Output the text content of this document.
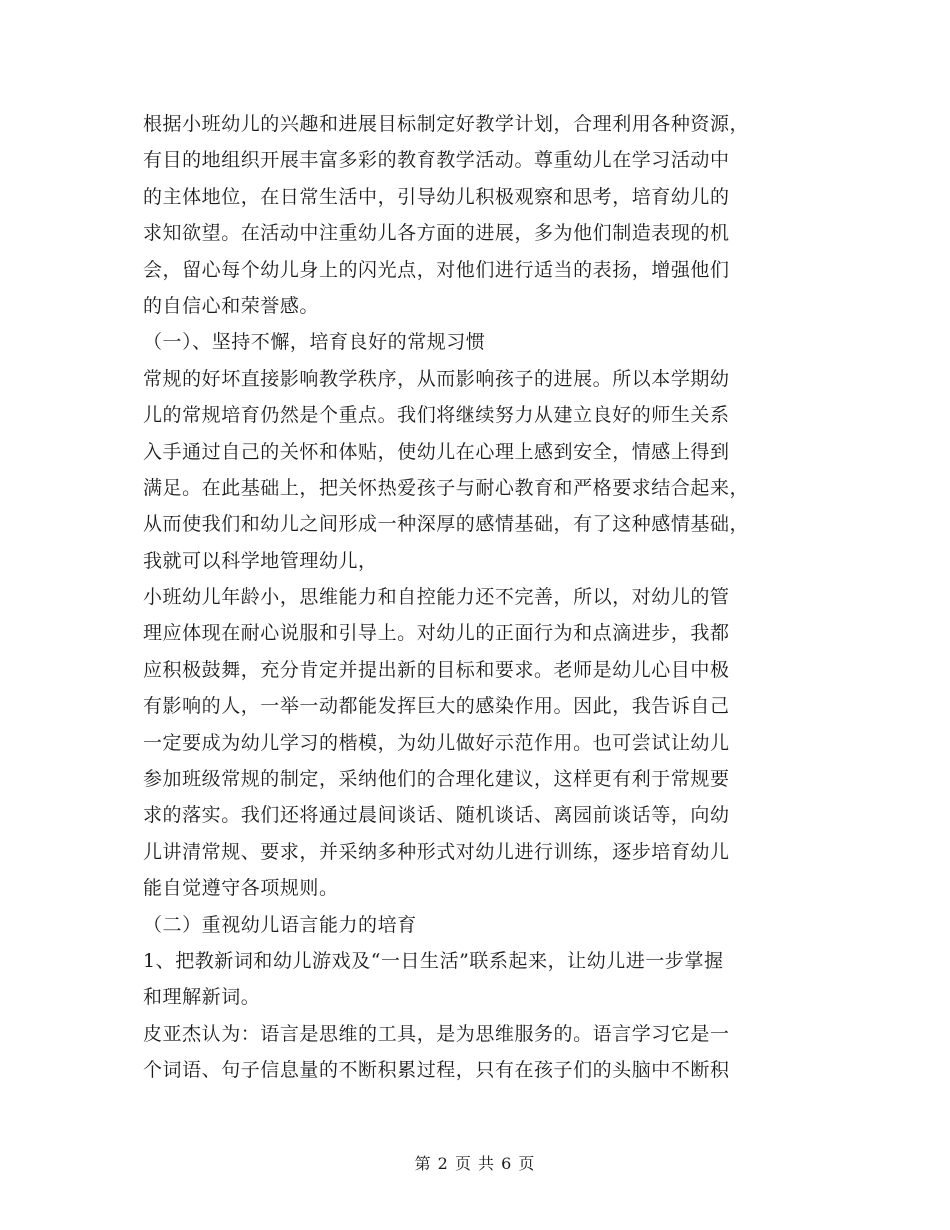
根据小班幼儿的兴趣和进展目标制定好教学计划，合理利用各种资源，
有目的地组织开展丰富多彩的教育教学活动。尊重幼儿在学习活动中
的主体地位，在日常生活中，引导幼儿积极观察和思考，培育幼儿的
求知欲望。在活动中注重幼儿各方面的进展，多为他们制造表现的机
会，留心每个幼儿身上的闪光点，对他们进行适当的表扬，增强他们
的自信心和荣誉感。
（一）、坚持不懈，培育良好的常规习惯
常规的好坏直接影响教学秩序，从而影响孩子的进展。所以本学期幼
儿的常规培育仍然是个重点。我们将继续努力从建立良好的师生关系
入手通过自己的关怀和体贴，使幼儿在心理上感到安全，情感上得到
满足。在此基础上，把关怀热爱孩子与耐心教育和严格要求结合起来，
从而使我们和幼儿之间形成一种深厚的感情基础，有了这种感情基础，
我就可以科学地管理幼儿，
小班幼儿年龄小，思维能力和自控能力还不完善，所以，对幼儿的管
理应体现在耐心说服和引导上。对幼儿的正面行为和点滴进步，我都
应积极鼓舞，充分肯定并提出新的目标和要求。老师是幼儿心目中极
有影响的人，一举一动都能发挥巨大的感染作用。因此，我告诉自己
一定要成为幼儿学习的楷模，为幼儿做好示范作用。也可尝试让幼儿
参加班级常规的制定，采纳他们的合理化建议，这样更有利于常规要
求的落实。我们还将通过晨间谈话、随机谈话、离园前谈话等，向幼
儿讲清常规、要求，并采纳多种形式对幼儿进行训练，逐步培育幼儿
能自觉遵守各项规则。
（二）重视幼儿语言能力的培育
1、把教新词和幼儿游戏及“一日生活”联系起来，让幼儿进一步掌握
和理解新词。
皮亚杰认为：语言是思维的工具，是为思维服务的。语言学习它是一
个词语、句子信息量的不断积累过程，只有在孩子们的头脑中不断积
第 2 页 共 6 页
